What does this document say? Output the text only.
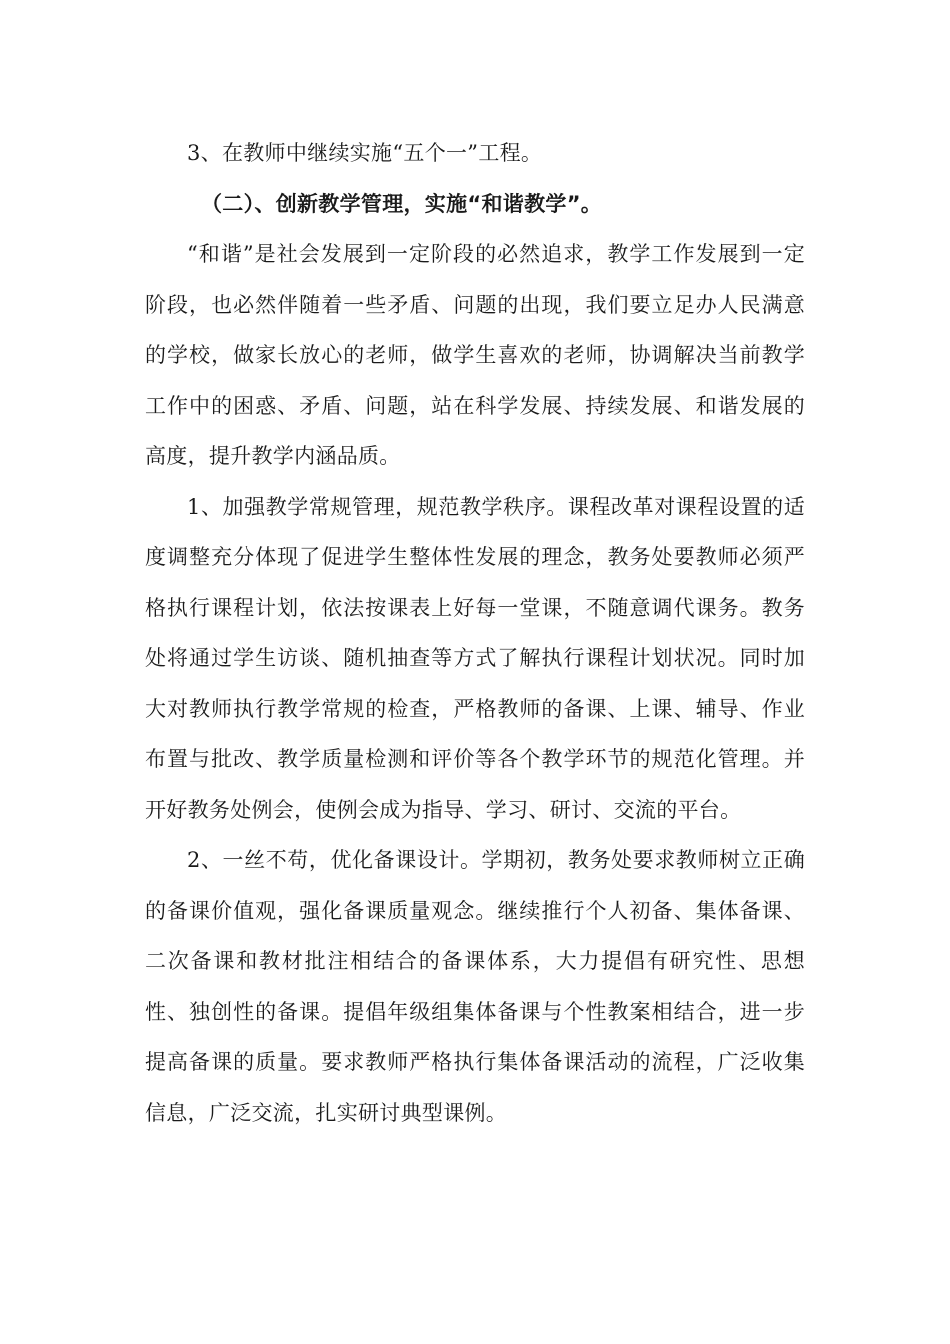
3、在教师中继续实施“五个一”工程。

（二）、创新教学管理，实施“和谐教学”。

“和谐”是社会发展到一定阶段的必然追求，教学工作发展到一定阶段，也必然伴随着一些矛盾、问题的出现，我们要立足办人民满意的学校，做家长放心的老师，做学生喜欢的老师，协调解决当前教学工作中的困惑、矛盾、问题，站在科学发展、持续发展、和谐发展的高度，提升教学内涵品质。

1、加强教学常规管理，规范教学秩序。课程改革对课程设置的适度调整充分体现了促进学生整体性发展的理念，教务处要教师必须严格执行课程计划，依法按课表上好每一堂课，不随意调代课务。教务处将通过学生访谈、随机抽查等方式了解执行课程计划状况。同时加大对教师执行教学常规的检查，严格教师的备课、上课、辅导、作业布置与批改、教学质量检测和评价等各个教学环节的规范化管理。并开好教务处例会，使例会成为指导、学习、研讨、交流的平台。

2、一丝不苟，优化备课设计。学期初，教务处要求教师树立正确的备课价值观，强化备课质量观念。继续推行个人初备、集体备课、二次备课和教材批注相结合的备课体系，大力提倡有研究性、思想性、独创性的备课。提倡年级组集体备课与个性教案相结合，进一步提高备课的质量。要求教师严格执行集体备课活动的流程，广泛收集信息，广泛交流，扎实研讨典型课例。
